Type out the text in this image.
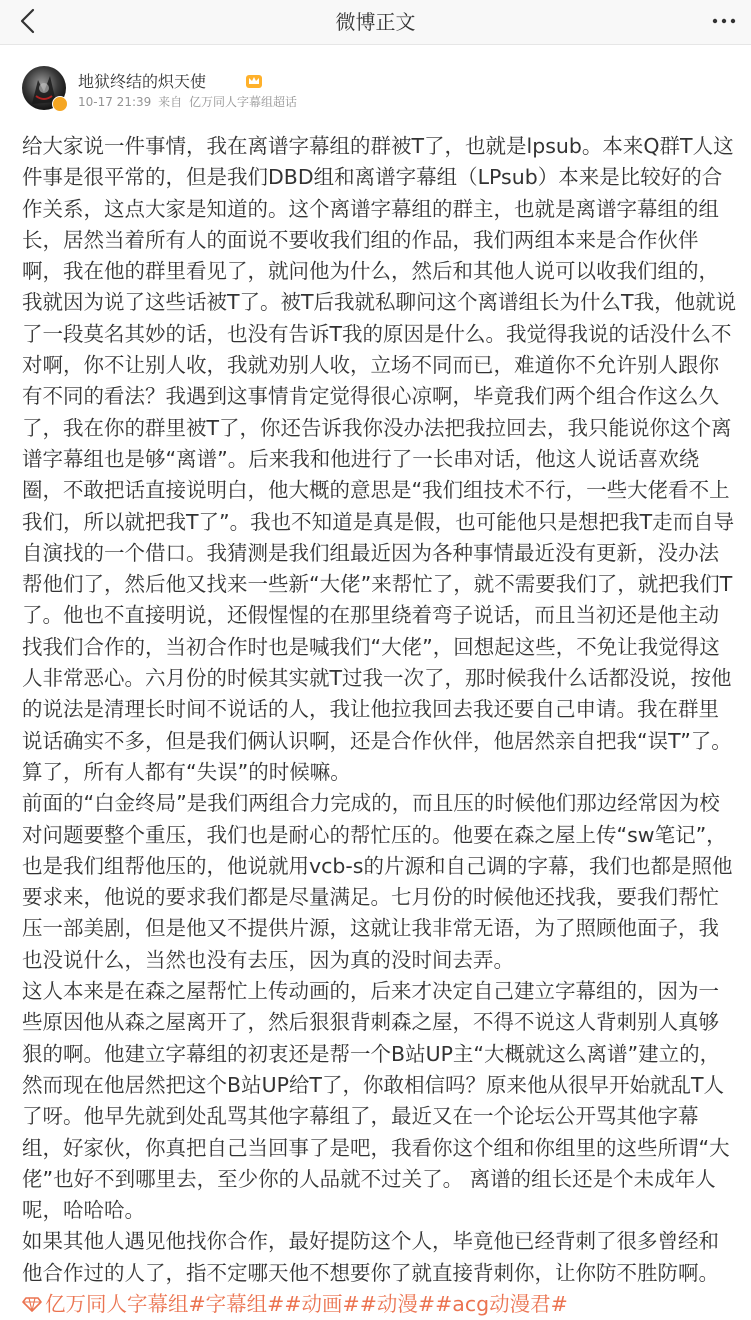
微博正文
地狱终结的炽天使
10-17 21:39 来自 亿万同人字幕组超话

给大家说一件事情，我在离谱字幕组的群被T了，也就是lpsub。本来Q群T人这件事是很平常的，但是我们DBD组和离谱字幕组（LPsub）本来是比较好的合作关系，这点大家是知道的。这个离谱字幕组的群主，也就是离谱字幕组的组长，居然当着所有人的面说不要收我们组的作品，我们两组本来是合作伙伴啊，我在他的群里看见了，就问他为什么，然后和其他人说可以收我们组的，我就因为说了这些话被T了。被T后我就私聊问这个离谱组长为什么T我，他就说了一段莫名其妙的话，也没有告诉T我的原因是什么。我觉得我说的话没什么不对啊，你不让别人收，我就劝别人收，立场不同而已，难道你不允许别人跟你有不同的看法？我遇到这事情肯定觉得很心凉啊，毕竟我们两个组合作这么久了，我在你的群里被T了，你还告诉我你没办法把我拉回去，我只能说你这个离谱字幕组也是够“离谱”。后来我和他进行了一长串对话，他这人说话喜欢绕圈，不敢把话直接说明白，他大概的意思是“我们组技术不行，一些大佬看不上我们，所以就把我T了”。我也不知道是真是假，也可能他只是想把我T走而自导自演找的一个借口。我猜测是我们组最近因为各种事情最近没有更新，没办法帮他们了，然后他又找来一些新“大佬”来帮忙了，就不需要我们了，就把我们T了。他也不直接明说，还假惺惺的在那里绕着弯子说话，而且当初还是他主动找我们合作的，当初合作时也是喊我们“大佬”，回想起这些，不免让我觉得这人非常恶心。六月份的时候其实就T过我一次了，那时候我什么话都没说，按他的说法是清理长时间不说话的人，我让他拉我回去我还要自己申请。我在群里说话确实不多，但是我们俩认识啊，还是合作伙伴，他居然亲自把我“误T”了。算了，所有人都有“失误”的时候嘛。

前面的“白金终局”是我们两组合力完成的，而且压的时候他们那边经常因为校对问题要整个重压，我们也是耐心的帮忙压的。他要在森之屋上传“sw笔记”，也是我们组帮他压的，他说就用vcb-s的片源和自己调的字幕，我们也都是照他要求来，他说的要求我们都是尽量满足。七月份的时候他还找我，要我们帮忙压一部美剧，但是他又不提供片源，这就让我非常无语，为了照顾他面子，我也没说什么，当然也没有去压，因为真的没时间去弄。

这人本来是在森之屋帮忙上传动画的，后来才决定自己建立字幕组的，因为一些原因他从森之屋离开了，然后狠狠背刺森之屋，不得不说这人背刺别人真够狠的啊。他建立字幕组的初衷还是帮一个B站UP主“大概就这么离谱”建立的，然而现在他居然把这个B站UP给T了，你敢相信吗？原来他从很早开始就乱T人了呀。他早先就到处乱骂其他字幕组了，最近又在一个论坛公开骂其他字幕组，好家伙，你真把自己当回事了是吧，我看你这个组和你组里的这些所谓“大佬”也好不到哪里去，至少你的人品就不过关了。 离谱的组长还是个未成年人呢，哈哈哈。

如果其他人遇见他找你合作，最好提防这个人，毕竟他已经背刺了很多曾经和他合作过的人了，指不定哪天他不想要你了就直接背刺你，让你防不胜防啊。亿万同人字幕组#字幕组##动画##动漫##acg动漫君#
